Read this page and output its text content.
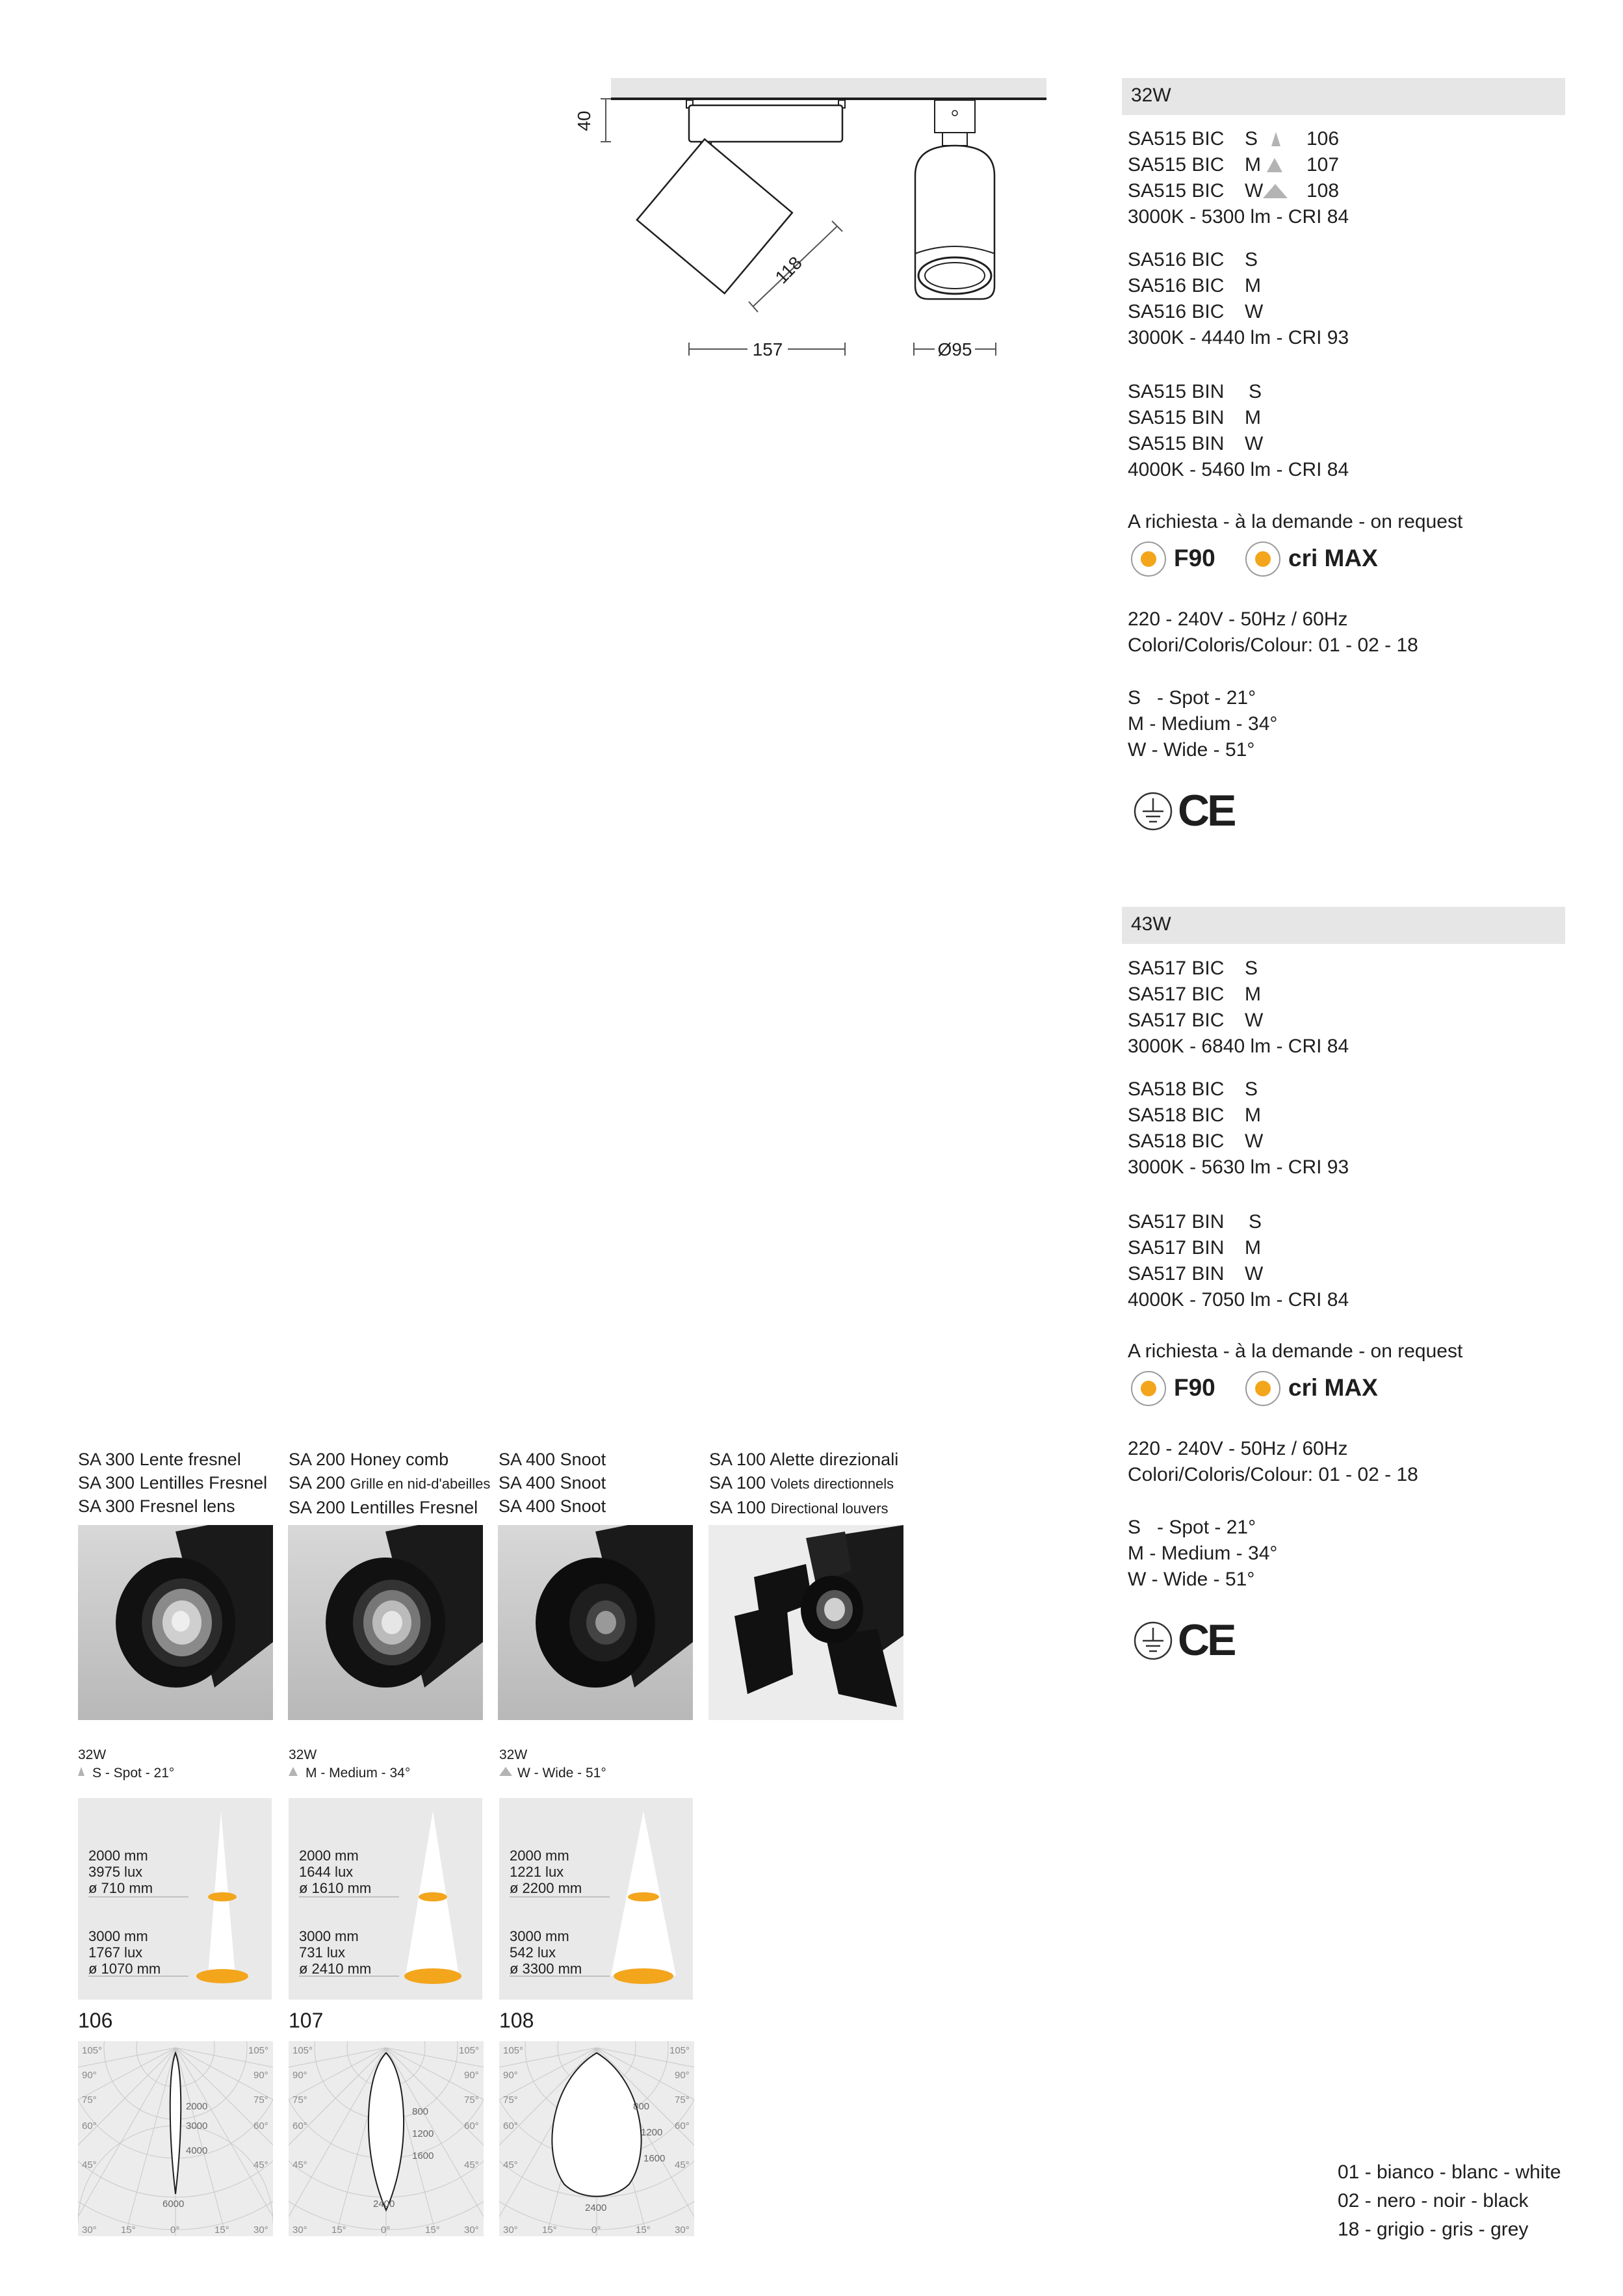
40
118
157	Ø95
32W
SA515 BIC S 106
SA515 BIC M 107
SA515 BIC W 108
3000K - 5300 lm - CRI 84
SA516 BIC S
SA516 BIC M
SA516 BIC W
3000K - 4440 lm - CRI 93
SA515 BIN S
SA515 BIN M
SA515 BIN W
4000K - 5460 lm - CRI 84
A richiesta - à la demande - on request
F90	cri MAX
220 - 240V - 50Hz / 60Hz
Colori/Coloris/Colour: 01 - 02 - 18
S   - Spot - 21°
M - Medium - 34°
W - Wide - 51°
CE
43W
SA517 BIC S
SA517 BIC M
SA517 BIC W
3000K - 6840 lm - CRI 84
SA518 BIC S
SA518 BIC M
SA518 BIC W
3000K - 5630 lm - CRI 93
SA517 BIN S
SA517 BIN M
SA517 BIN W
4000K - 7050 lm - CRI 84
A richiesta - à la demande - on request
F90	cri MAX
220 - 240V - 50Hz / 60Hz
Colori/Coloris/Colour: 01 - 02 - 18
S   - Spot - 21°
M - Medium - 34°
W - Wide - 51°
CE
SA 300 Lente fresnel
SA 300 Lentilles Fresnel
SA 300 Fresnel lens
SA 200 Honey comb
SA 200 Grille en nid-d'abeilles
SA 200 Lentilles Fresnel
SA 400 Snoot
SA 400 Snoot
SA 400 Snoot
SA 100 Alette direzionali
SA 100 Volets directionnels
SA 100 Directional louvers
32W
S - Spot - 21°
32W
M - Medium - 34°
32W
W - Wide - 51°
2000 mm
3975 lux
ø 710 mm
3000 mm
1767 lux
ø 1070 mm
2000 mm
1644 lux
ø 1610 mm
3000 mm
731 lux
ø 2410 mm
2000 mm
1221 lux
ø 2200 mm
3000 mm
542 lux
ø 3300 mm
106	107	108
105°	105°
90°	90°
75°	75°
60°	60°
45°	45°
30° 15°	0°	15° 30°
2000
3000
4000
6000
105°	105°
90°	90°
75°	75°
60°	60°
45°	45°
30° 15°	0°	15° 30°
800
1200
1600
2400
105°	105°
90°	90°
75°	75°
60°	60°
45°	45°
30° 15°	0°	15° 30°
800
1200
1600
2400
01 - bianco - blanc - white
02 - nero - noir - black
18 - grigio - gris - grey
